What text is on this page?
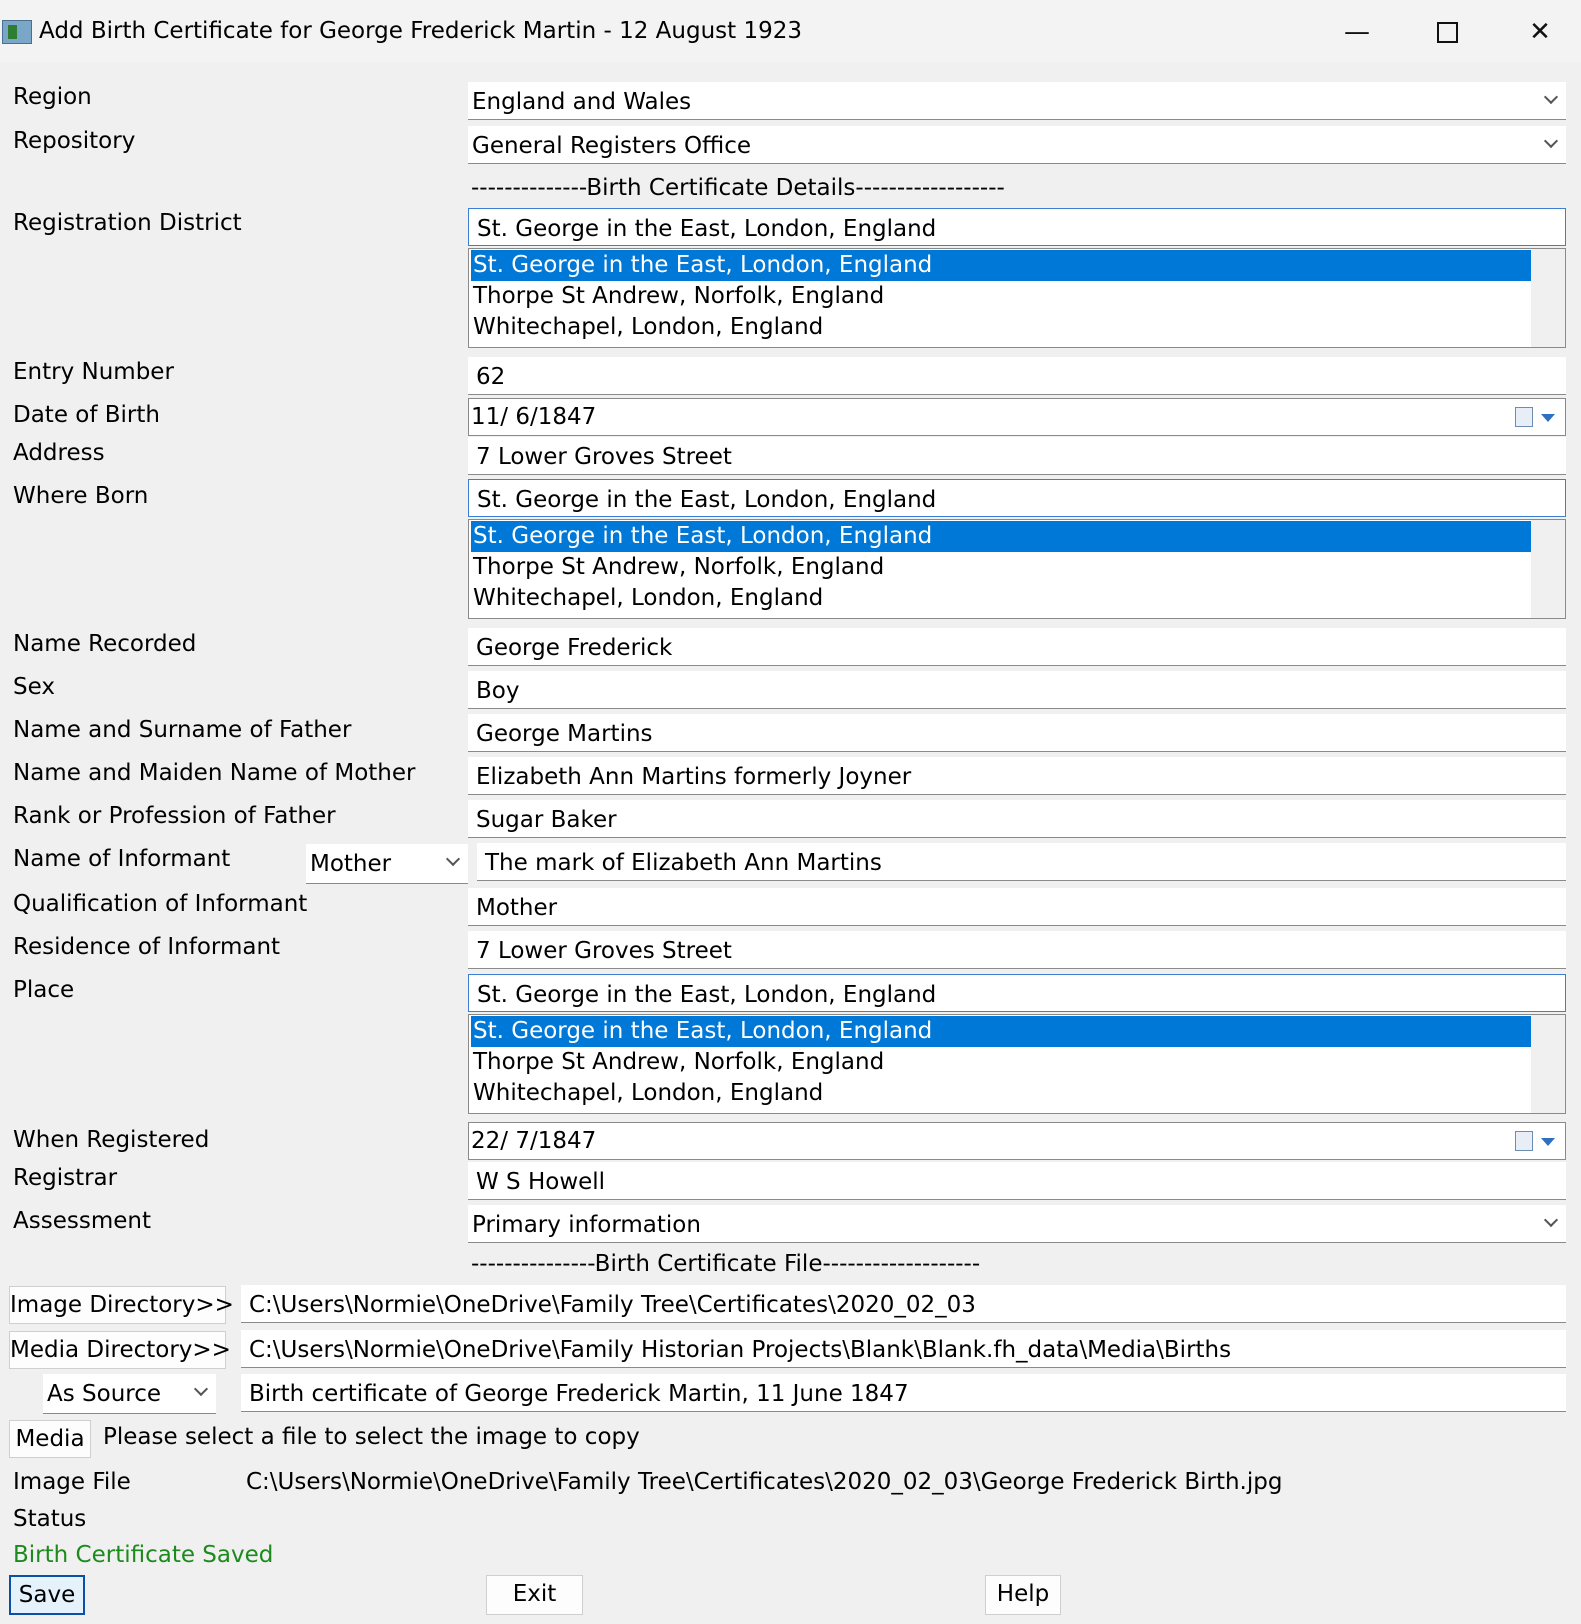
Add Birth Certificate for George Frederick Martin - 12 August 1923	—	✕
Region	England and Wales
Repository	General Registers Office
--------------Birth Certificate Details------------------
Registration District	St. George in the East, London, England
St. George in the East, London, England
Thorpe St Andrew, Norfolk, England
Whitechapel, London, England
Entry Number	62
Date of Birth	11/ 6/1847
Address	7 Lower Groves Street
Where Born	St. George in the East, London, England
St. George in the East, London, England
Thorpe St Andrew, Norfolk, England
Whitechapel, London, England
Name Recorded	George Frederick
Sex	Boy
Name and Surname of Father	George Martins
Name and Maiden Name of Mother	Elizabeth Ann Martins formerly Joyner
Rank or Profession of Father	Sugar Baker
Name of Informant	Mother	The mark of Elizabeth Ann Martins
Qualification of Informant	Mother
Residence of Informant	7 Lower Groves Street
Place	St. George in the East, London, England
St. George in the East, London, England
Thorpe St Andrew, Norfolk, England
Whitechapel, London, England
When Registered	22/ 7/1847
Registrar	W S Howell
Assessment	Primary information
---------------Birth Certificate File-------------------
Image Directory>> C:\Users\Normie\OneDrive\Family Tree\Certificates\2020_02_03
Media Directory>> C:\Users\Normie\OneDrive\Family Historian Projects\Blank\Blank.fh_data\Media\Births
As Source	Birth certificate of George Frederick Martin, 11 June 1847
Media Please select a file to select the image to copy
Image File	C:\Users\Normie\OneDrive\Family Tree\Certificates\2020_02_03\George Frederick Birth.jpg
Status
Birth Certificate Saved
Save	Exit	Help
